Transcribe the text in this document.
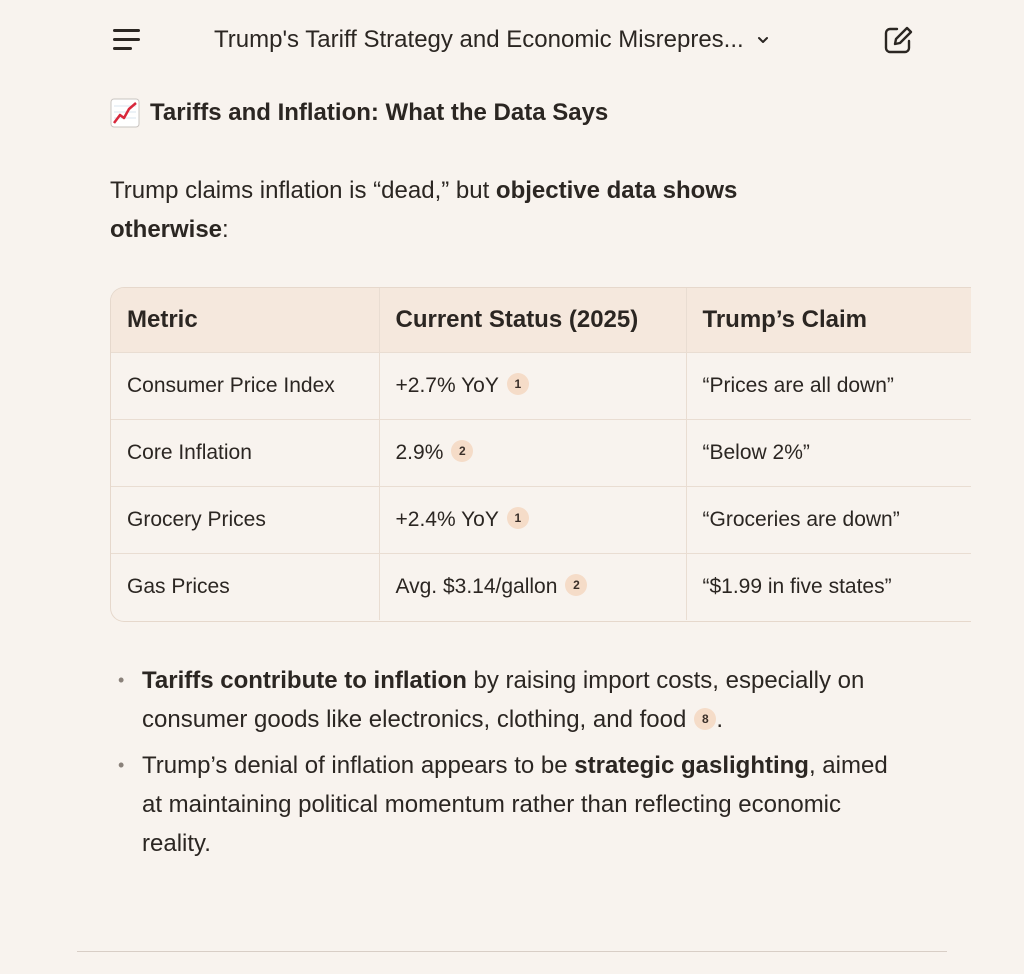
Trump's Tariff Strategy and Economic Misrepres...
Tariffs and Inflation: What the Data Says
Trump claims inflation is “dead,” but objective data shows otherwise:
Metric	Current Status (2025)	Trump’s Claim
Consumer Price Index	+2.7% YoY 1	“Prices are all down”
Core Inflation	2.9% 2	“Below 2%”
Grocery Prices	+2.4% YoY 1	“Groceries are down”
Gas Prices	Avg. $3.14/gallon 2	“$1.99 in five states”
• Tariffs contribute to inflation by raising import costs, especially on consumer goods like electronics, clothing, and food 8 .
• Trump’s denial of inflation appears to be strategic gaslighting, aimed at maintaining political momentum rather than reflecting economic reality.
